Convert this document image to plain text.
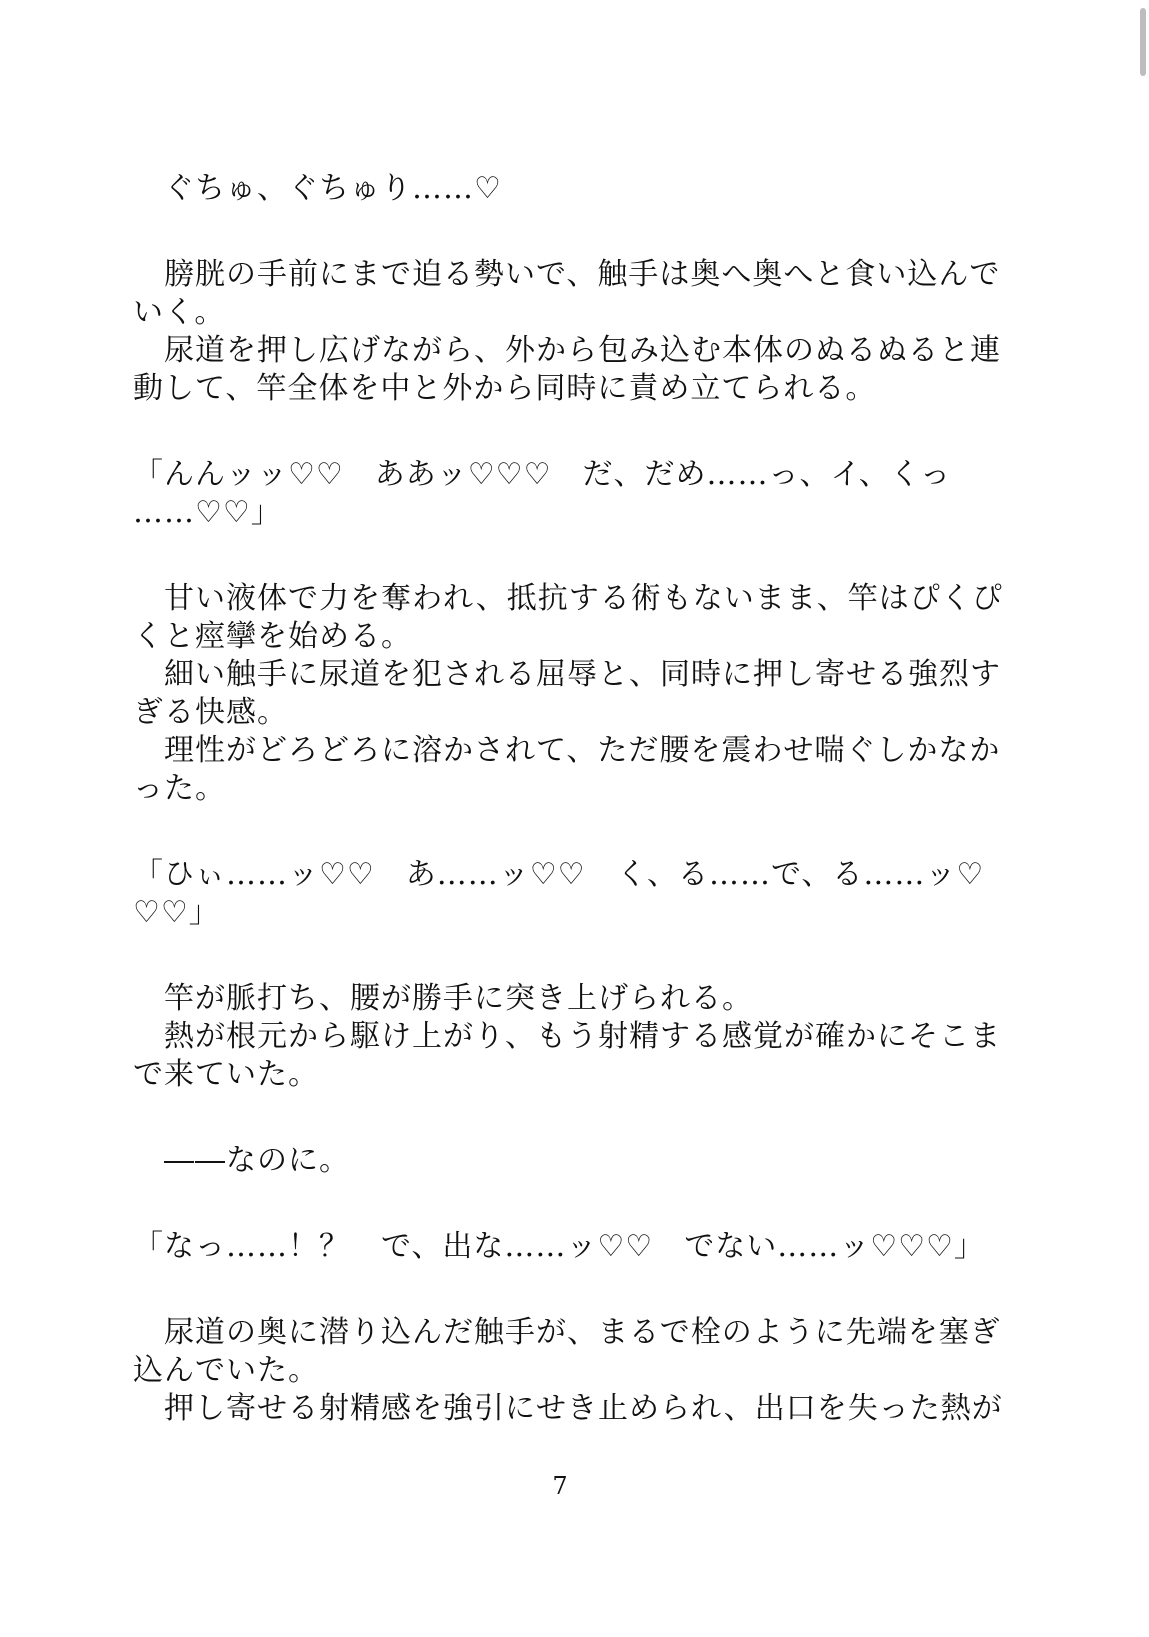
　ぐちゅ、ぐちゅり……♡
　膀胱の手前にまで迫る勢いで、触手は奥へ奥へと食い込んで
いく。
　尿道を押し広げながら、外から包み込む本体のぬるぬると連
動して、竿全体を中と外から同時に責め立てられる。
「んんッッ♡♡　ああッ♡♡♡　だ、だめ……っ、イ、くっ
……♡♡」
　甘い液体で力を奪われ、抵抗する術もないまま、竿はぴくぴ
くと痙攣を始める。
　細い触手に尿道を犯される屈辱と、同時に押し寄せる強烈す
ぎる快感。
　理性がどろどろに溶かされて、ただ腰を震わせ喘ぐしかなか
った。
「ひぃ……ッ♡♡　あ……ッ♡♡　く、る……で、る……ッ♡
♡♡」
　竿が脈打ち、腰が勝手に突き上げられる。
　熱が根元から駆け上がり、もう射精する感覚が確かにそこま
で来ていた。
　――なのに。
「なっ……！？　で、出な……ッ♡♡　でない……ッ♡♡♡」
　尿道の奥に潜り込んだ触手が、まるで栓のように先端を塞ぎ
込んでいた。
　押し寄せる射精感を強引にせき止められ、出口を失った熱が
7
